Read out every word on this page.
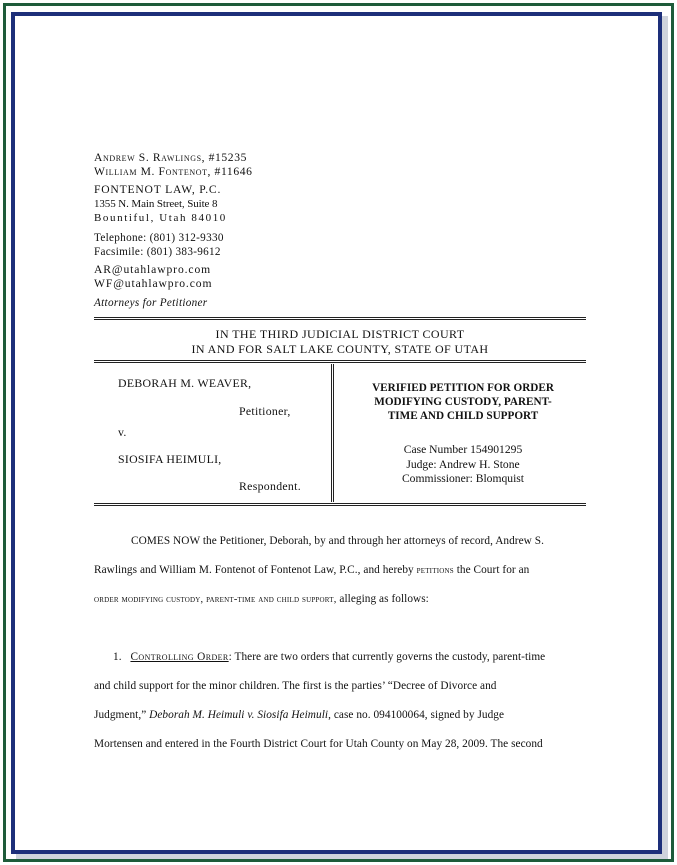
Andrew S. Rawlings, #15235
William M. Fontenot, #11646
FONTENOT LAW, P.C.
1355 N. Main Street, Suite 8
Bountiful, Utah 84010
Telephone: (801) 312-9330
Facsimile: (801) 383-9612
AR@utahlawpro.com
WF@utahlawpro.com
Attorneys for Petitioner
IN THE THIRD JUDICIAL DISTRICT COURT
IN AND FOR SALT LAKE COUNTY, STATE OF UTAH
DEBORAH M. WEAVER,
Petitioner,
v.
SIOSIFA HEIMULI,
Respondent.
VERIFIED PETITION FOR ORDER
MODIFYING CUSTODY, PARENT-
TIME AND CHILD SUPPORT
Case Number 154901295
Judge: Andrew H. Stone
Commissioner: Blomquist
COMES NOW the Petitioner, Deborah, by and through her attorneys of record, Andrew S.
Rawlings and William M. Fontenot of Fontenot Law, P.C., and hereby petitions the Court for an
order modifying custody, parent-time and child support, alleging as follows:
1. Controlling Order: There are two orders that currently governs the custody, parent-time
and child support for the minor children. The first is the parties’ “Decree of Divorce and
Judgment,” Deborah M. Heimuli v. Siosifa Heimuli, case no. 094100064, signed by Judge
Mortensen and entered in the Fourth District Court for Utah County on May 28, 2009. The second
